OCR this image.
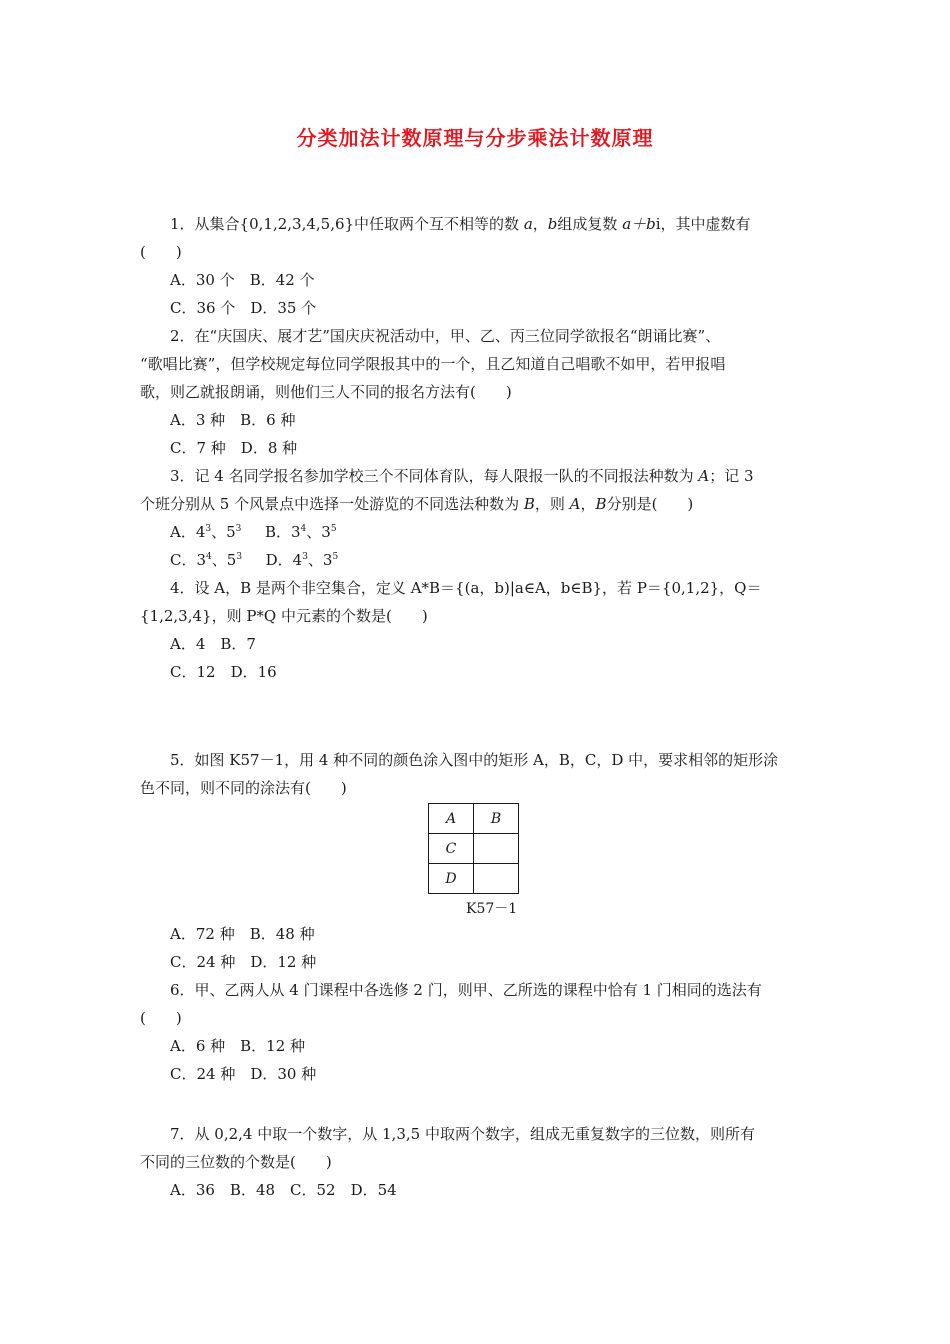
分类加法计数原理与分步乘法计数原理
1．从集合{0,1,2,3,4,5,6}中任取两个互不相等的数 a，b组成复数 a＋bi，其中虚数有
(　　)
A．30 个　B．42 个
C．36 个　D．35 个
2．在“庆国庆、展才艺”国庆庆祝活动中，甲、乙、丙三位同学欲报名“朗诵比赛”、
“歌唱比赛”，但学校规定每位同学限报其中的一个，且乙知道自己唱歌不如甲，若甲报唱
歌，则乙就报朗诵，则他们三人不同的报名方法有(　　)
A．3 种　B．6 种
C．7 种　D．8 种
3．记 4 名同学报名参加学校三个不同体育队，每人限报一队的不同报法种数为 A；记 3
个班分别从 5 个风景点中选择一处游览的不同选法种数为 B，则 A，B分别是(　　)
A．$4^3$、$5^3$ B．$3^4$、$3^5$
C．$3^4$、$5^3$ D．$4^3$、$3^5$
4．设 A，B 是两个非空集合，定义 A*B＝{(a，b)|a∈A，b∈B}，若 P＝{0,1,2}，Q＝
{1,2,3,4}，则 P*Q 中元素的个数是(　　)
A．4　B．7
C．12　D．16
5．如图 K57－1，用 4 种不同的颜色涂入图中的矩形 A，B，C，D 中，要求相邻的矩形涂
色不同，则不同的涂法有(　　)
A	B
C	
D	
K57－1
A．72 种　B．48 种
C．24 种　D．12 种
6．甲、乙两人从 4 门课程中各选修 2 门，则甲、乙所选的课程中恰有 1 门相同的选法有
(　　)
A．6 种　B．12 种
C．24 种　D．30 种
7．从 0,2,4 中取一个数字，从 1,3,5 中取两个数字，组成无重复数字的三位数，则所有
不同的三位数的个数是(　　)
A．36　B．48　C．52　D．54
